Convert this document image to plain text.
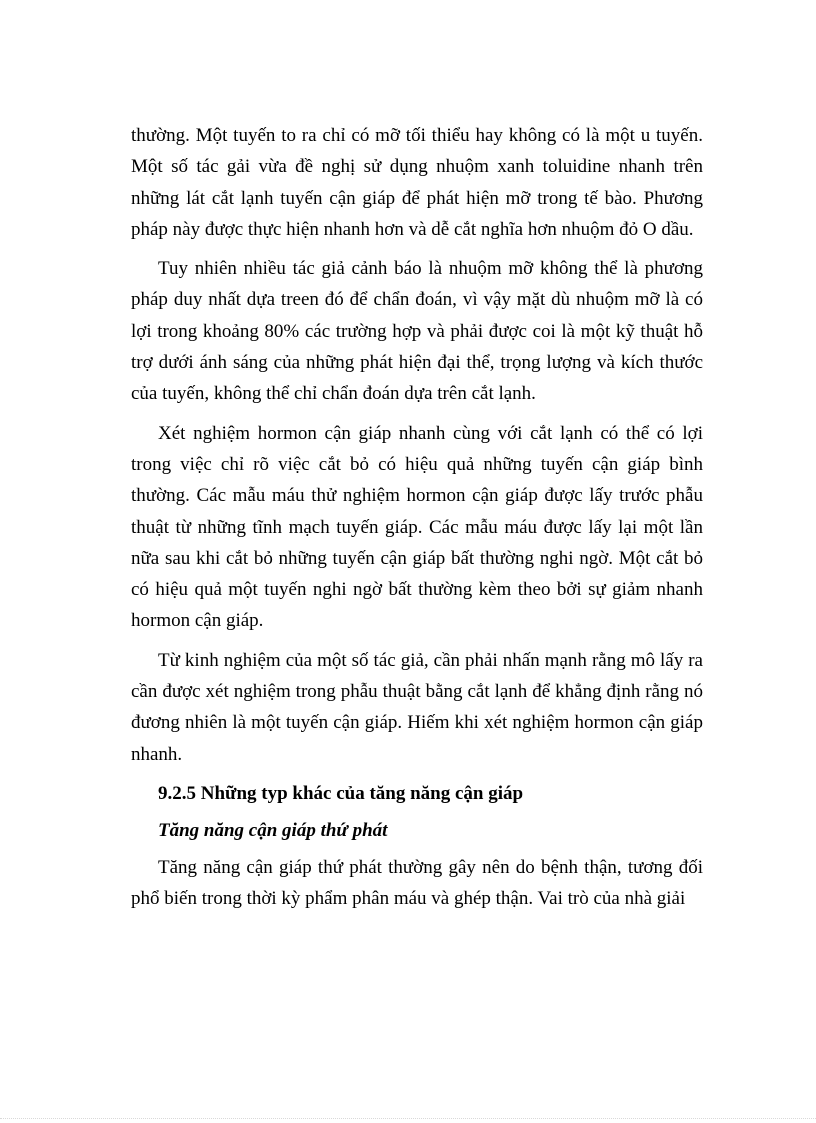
thường. Một tuyến to ra chỉ có mỡ tối thiểu hay không có là một u tuyến. Một số tác gải vừa đề nghị sử dụng nhuộm xanh toluidine nhanh trên những lát cắt lạnh tuyến cận giáp để phát hiện mỡ trong tế bào. Phương pháp này được thực hiện nhanh hơn và dễ cắt nghĩa hơn nhuộm đỏ O dầu.

Tuy nhiên nhiều tác giả cảnh báo là nhuộm mỡ không thể là phương pháp duy nhất dựa treen đó để chẩn đoán, vì vậy mặt dù nhuộm mỡ là có lợi trong khoảng 80% các trường hợp và phải được coi là một kỹ thuật hỗ trợ dưới ánh sáng của những phát hiện đại thể, trọng lượng và kích thước của tuyến, không thể chỉ chẩn đoán dựa trên cắt lạnh.

Xét nghiệm hormon cận giáp nhanh cùng với cắt lạnh có thể có lợi trong việc chỉ rõ việc cắt bỏ có hiệu quả những tuyến cận giáp bình thường. Các mẫu máu thử nghiệm hormon cận giáp được lấy trước phẫu thuật từ những tĩnh mạch tuyến giáp. Các mẫu máu được lấy lại một lần nữa sau khi cắt bỏ những tuyến cận giáp bất thường nghi ngờ. Một cắt bỏ có hiệu quả một tuyến nghi ngờ bất thường kèm theo bởi sự giảm nhanh hormon cận giáp.

Từ kinh nghiệm của một số tác giả, cần phải nhấn mạnh rằng mô lấy ra cần được xét nghiệm trong phẫu thuật bằng cắt lạnh để khẳng định rằng nó đương nhiên là một tuyến cận giáp. Hiếm khi xét nghiệm hormon cận giáp nhanh.

9.2.5 Những typ khác của tăng năng cận giáp
Tăng năng cận giáp thứ phát

Tăng năng cận giáp thứ phát thường gây nên do bệnh thận, tương đối phổ biến trong thời kỳ phẩm phân máu và ghép thận. Vai trò của nhà giải
